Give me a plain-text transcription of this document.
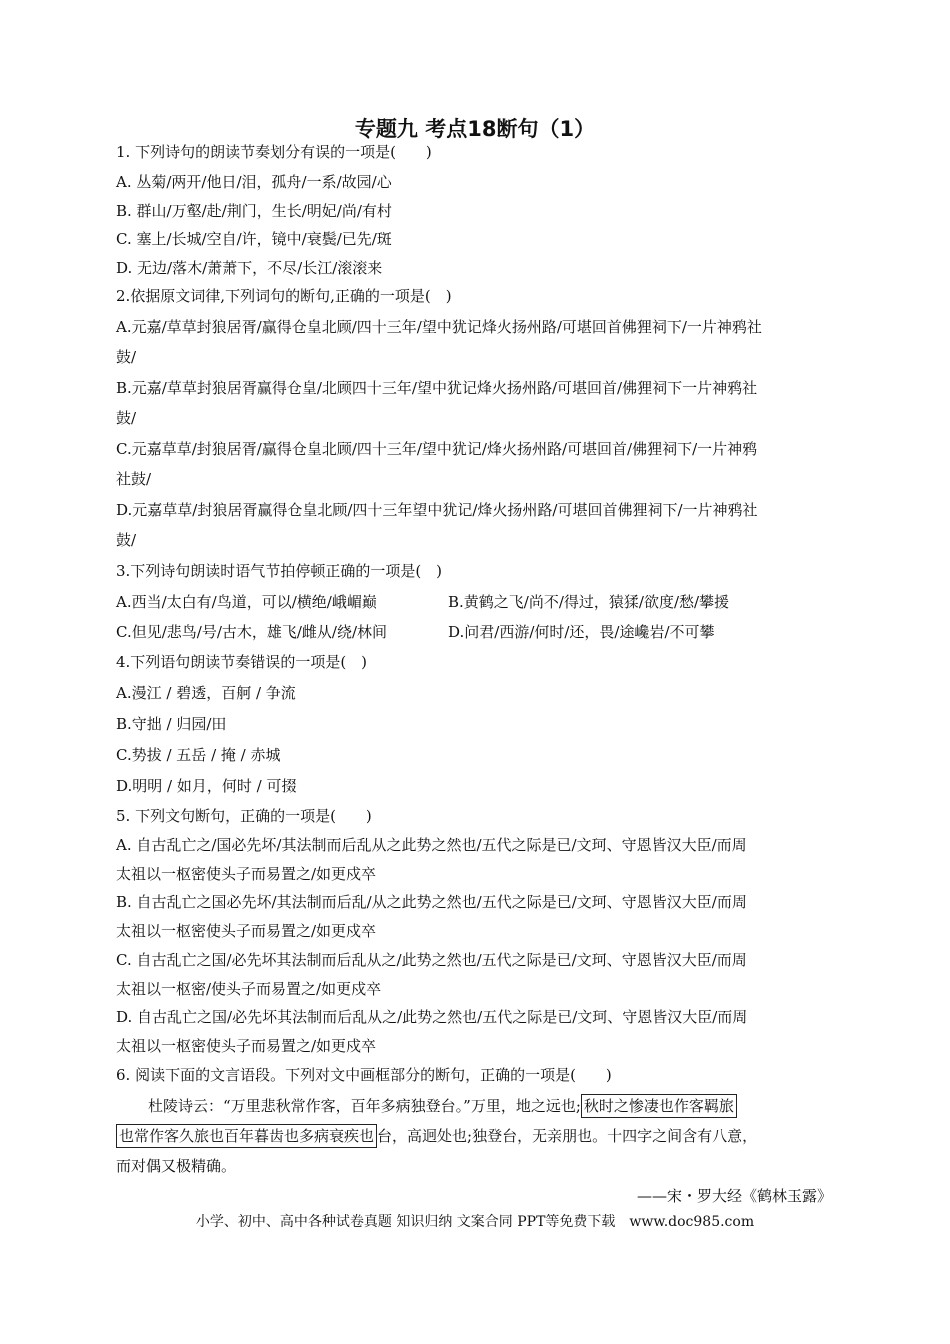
专题九 考点18断句（1）
1. 下列诗句的朗读节奏划分有误的一项是(　　)
A. 丛菊/两开/他日/泪，孤舟/一系/故园/心
B. 群山/万壑/赴/荆门，生长/明妃/尚/有村
C. 塞上/长城/空自/许，镜中/衰鬓/已先/斑
D. 无边/落木/萧萧下，不尽/长江/滚滚来
2.依据原文词律,下列词句的断句,正确的一项是(　)
A.元嘉/草草封狼居胥/赢得仓皇北顾/四十三年/望中犹记烽火扬州路/可堪回首佛狸祠下/一片神鸦社
鼓/
B.元嘉/草草封狼居胥赢得仓皇/北顾四十三年/望中犹记烽火扬州路/可堪回首/佛狸祠下一片神鸦社
鼓/
C.元嘉草草/封狼居胥/赢得仓皇北顾/四十三年/望中犹记/烽火扬州路/可堪回首/佛狸祠下/一片神鸦
社鼓/
D.元嘉草草/封狼居胥赢得仓皇北顾/四十三年望中犹记/烽火扬州路/可堪回首佛狸祠下/一片神鸦社
鼓/
3.下列诗句朗读时语气节拍停顿正确的一项是(　)
A.西当/太白有/鸟道，可以/横绝/峨嵋巅	B.黄鹤之飞/尚不/得过，猿猱/欲度/愁/攀援
C.但见/悲鸟/号/古木，雄飞/雌从/绕/林间	D.问君/西游/何时/还，畏/途巉岩/不可攀
4.下列语句朗读节奏错误的一项是(　)
A.漫江 / 碧透，百舸 / 争流
B.守拙 / 归园/田
C.势拔 / 五岳 / 掩 / 赤城
D.明明 / 如月，何时 / 可掇
5. 下列文句断句，正确的一项是(　　)
A. 自古乱亡之/国必先坏/其法制而后乱从之此势之然也/五代之际是已/文珂、守恩皆汉大臣/而周
太祖以一枢密使头子而易置之/如更戍卒
B. 自古乱亡之国必先坏/其法制而后乱/从之此势之然也/五代之际是已/文珂、守恩皆汉大臣/而周
太祖以一枢密使头子而易置之/如更戍卒
C. 自古乱亡之国/必先坏其法制而后乱从之/此势之然也/五代之际是已/文珂、守恩皆汉大臣/而周
太祖以一枢密/使头子而易置之/如更戍卒
D. 自古乱亡之国/必先坏其法制而后乱从之/此势之然也/五代之际是已/文珂、守恩皆汉大臣/而周
太祖以一枢密使头子而易置之/如更戍卒
6. 阅读下面的文言语段。下列对文中画框部分的断句，正确的一项是(　　)
杜陵诗云：“万里悲秋常作客，百年多病独登台。”万里，地之远也; 秋时之惨凄也作客羁旅
也常作客久旅也百年暮齿也多病衰疾也 台，高迥处也;独登台，无亲朋也。十四字之间含有八意，
而对偶又极精确。
——宋・罗大经《鹤林玉露》
小学、初中、高中各种试卷真题 知识归纳 文案合同 PPT等免费下载　www.doc985.com
